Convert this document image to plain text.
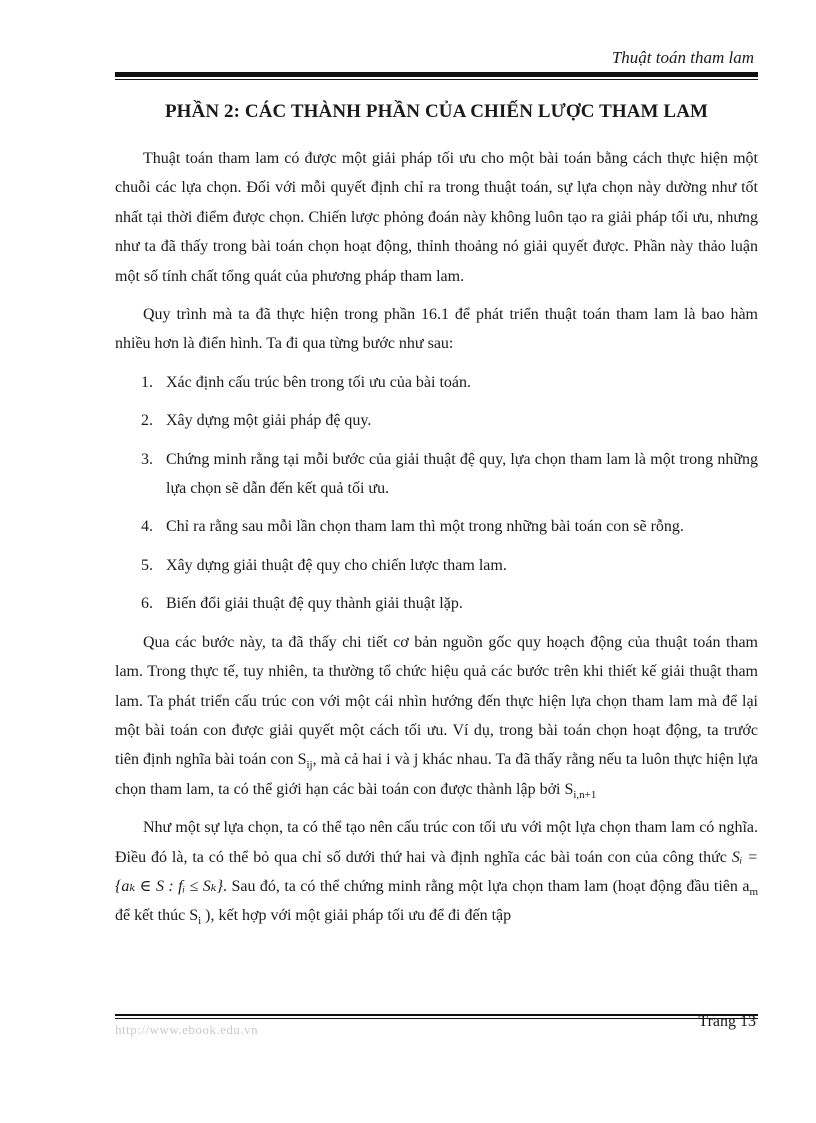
Thuật toán tham lam
PHẦN 2: CÁC THÀNH PHẦN CỦA CHIẾN LƯỢC THAM LAM

Thuật toán tham lam có được một giải pháp tối ưu cho một bài toán bằng cách thực hiện một chuỗi các lựa chọn. Đối với mỗi quyết định chỉ ra trong thuật toán, sự lựa chọn này dường như tốt nhất tại thời điểm được chọn. Chiến lược phỏng đoán này không luôn tạo ra giải pháp tối ưu, nhưng như ta đã thấy trong bài toán chọn hoạt động, thỉnh thoảng nó giải quyết được. Phần này thảo luận một số tính chất tổng quát của phương pháp tham lam.

Quy trình mà ta đã thực hiện trong phần 16.1 để phát triển thuật toán tham lam là bao hàm nhiều hơn là điển hình. Ta đi qua từng bước như sau:

1. Xác định cấu trúc bên trong tối ưu của bài toán.
2. Xây dựng một giải pháp đệ quy.
3. Chứng minh rằng tại mỗi bước của giải thuật đệ quy, lựa chọn tham lam là một trong những lựa chọn sẽ dẫn đến kết quả tối ưu.
4. Chỉ ra rằng sau mỗi lần chọn tham lam thì một trong những bài toán con sẽ rỗng.
5. Xây dựng giải thuật đệ quy cho chiến lược tham lam.
6. Biến đổi giải thuật đệ quy thành giải thuật lặp.

Qua các bước này, ta đã thấy chi tiết cơ bản nguồn gốc quy hoạch động của thuật toán tham lam. Trong thực tế, tuy nhiên, ta thường tổ chức hiệu quả các bước trên khi thiết kế giải thuật tham lam. Ta phát triển cấu trúc con với một cái nhìn hướng đến thực hiện lựa chọn tham lam mà để lại một bài toán con được giải quyết một cách tối ưu. Ví dụ, trong bài toán chọn hoạt động, ta trước tiên định nghĩa bài toán con $S_{ij}$, mà cả hai i và j khác nhau. Ta đã thấy rằng nếu ta luôn thực hiện lựa chọn tham lam, ta có thể giới hạn các bài toán con được thành lập bởi $S_{i,n+1}$

Như một sự lựa chọn, ta có thể tạo nên cấu trúc con tối ưu với một lựa chọn tham lam có nghĩa. Điều đó là, ta có thể bỏ qua chỉ số dưới thứ hai và định nghĩa các bài toán con của công thức Sᵢ = {aₖ ∈ S : fᵢ ≤ Sₖ}. Sau đó, ta có thể chứng minh rằng một lựa chọn tham lam (hoạt động đầu tiên $a_m$ để kết thúc $S_i$ ), kết hợp với một giải pháp tối ưu để đi đến tập

http://www.ebook.edu.vn	Trang 13
